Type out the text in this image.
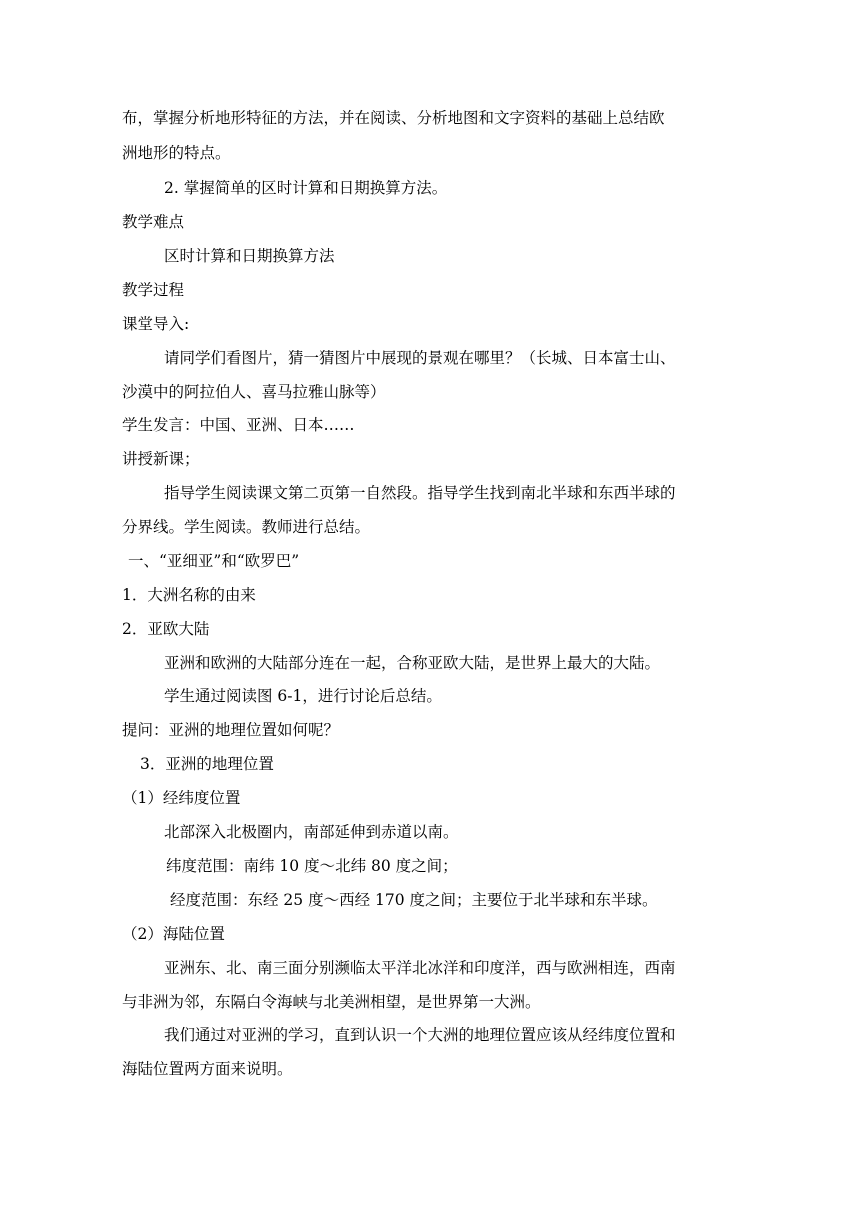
布，掌握分析地形特征的方法，并在阅读、分析地图和文字资料的基础上总结欧
洲地形的特点。
2. 掌握简单的区时计算和日期换算方法。
教学难点
区时计算和日期换算方法
教学过程
课堂导入:
请同学们看图片，猜一猜图片中展现的景观在哪里？（长城、日本富士山、
沙漠中的阿拉伯人、喜马拉雅山脉等）
学生发言：中国、亚洲、日本……
讲授新课；
指导学生阅读课文第二页第一自然段。指导学生找到南北半球和东西半球的
分界线。学生阅读。教师进行总结。
一、“亚细亚”和“欧罗巴”
1．大洲名称的由来
2．亚欧大陆
亚洲和欧洲的大陆部分连在一起，合称亚欧大陆，是世界上最大的大陆。
学生通过阅读图 6-1，进行讨论后总结。
提问：亚洲的地理位置如何呢？
3．亚洲的地理位置
（1）经纬度位置
北部深入北极圈内，南部延伸到赤道以南。
纬度范围：南纬 10 度～北纬 80 度之间；
经度范围：东经 25 度～西经 170 度之间；主要位于北半球和东半球。
（2）海陆位置
亚洲东、北、南三面分别濒临太平洋北冰洋和印度洋，西与欧洲相连，西南
与非洲为邻，东隔白令海峡与北美洲相望，是世界第一大洲。
我们通过对亚洲的学习，直到认识一个大洲的地理位置应该从经纬度位置和
海陆位置两方面来说明。
